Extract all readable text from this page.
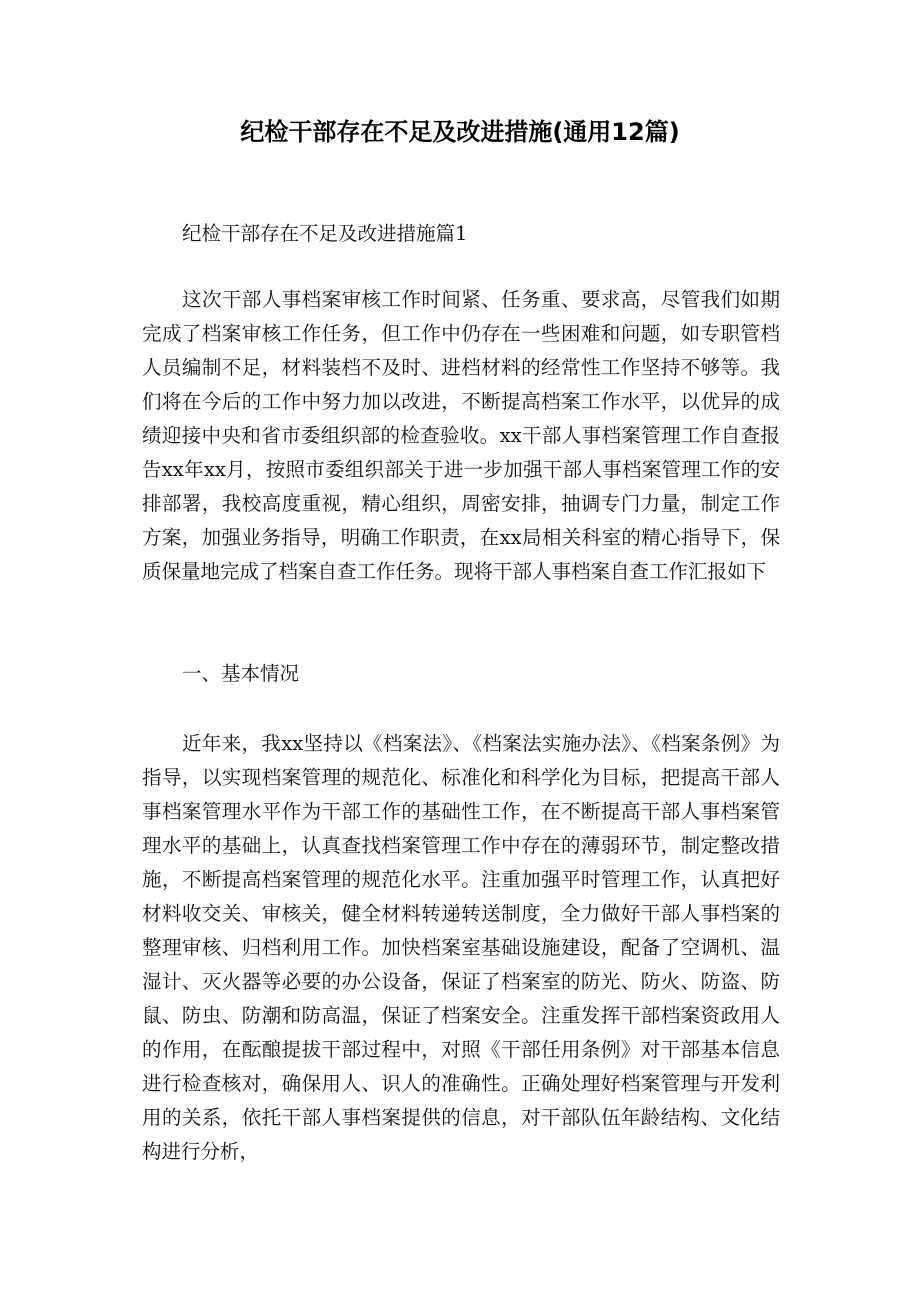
纪检干部存在不足及改进措施(通用12篇)

纪检干部存在不足及改进措施篇1

这次干部人事档案审核工作时间紧、任务重、要求高，尽管我们如期完成了档案审核工作任务，但工作中仍存在一些困难和问题，如专职管档人员编制不足，材料装档不及时、进档材料的经常性工作坚持不够等。我们将在今后的工作中努力加以改进，不断提高档案工作水平，以优异的成绩迎接中央和省市委组织部的检查验收。xx干部人事档案管理工作自查报告xx年xx月，按照市委组织部关于进一步加强干部人事档案管理工作的安排部署，我校高度重视，精心组织，周密安排，抽调专门力量，制定工作方案，加强业务指导，明确工作职责，在xx局相关科室的精心指导下，保质保量地完成了档案自查工作任务。现将干部人事档案自查工作汇报如下

一、基本情况

近年来，我xx坚持以《档案法》、《档案法实施办法》、《档案条例》为指导，以实现档案管理的规范化、标准化和科学化为目标，把提高干部人事档案管理水平作为干部工作的基础性工作，在不断提高干部人事档案管理水平的基础上，认真查找档案管理工作中存在的薄弱环节，制定整改措施，不断提高档案管理的规范化水平。注重加强平时管理工作，认真把好材料收交关、审核关，健全材料转递转送制度，全力做好干部人事档案的整理审核、归档利用工作。加快档案室基础设施建设，配备了空调机、温湿计、灭火器等必要的办公设备，保证了档案室的防光、防火、防盗、防鼠、防虫、防潮和防高温，保证了档案安全。注重发挥干部档案资政用人的作用，在酝酿提拔干部过程中，对照《干部任用条例》对干部基本信息进行检查核对，确保用人、识人的准确性。正确处理好档案管理与开发利用的关系，依托干部人事档案提供的信息，对干部队伍年龄结构、文化结构进行分析，
